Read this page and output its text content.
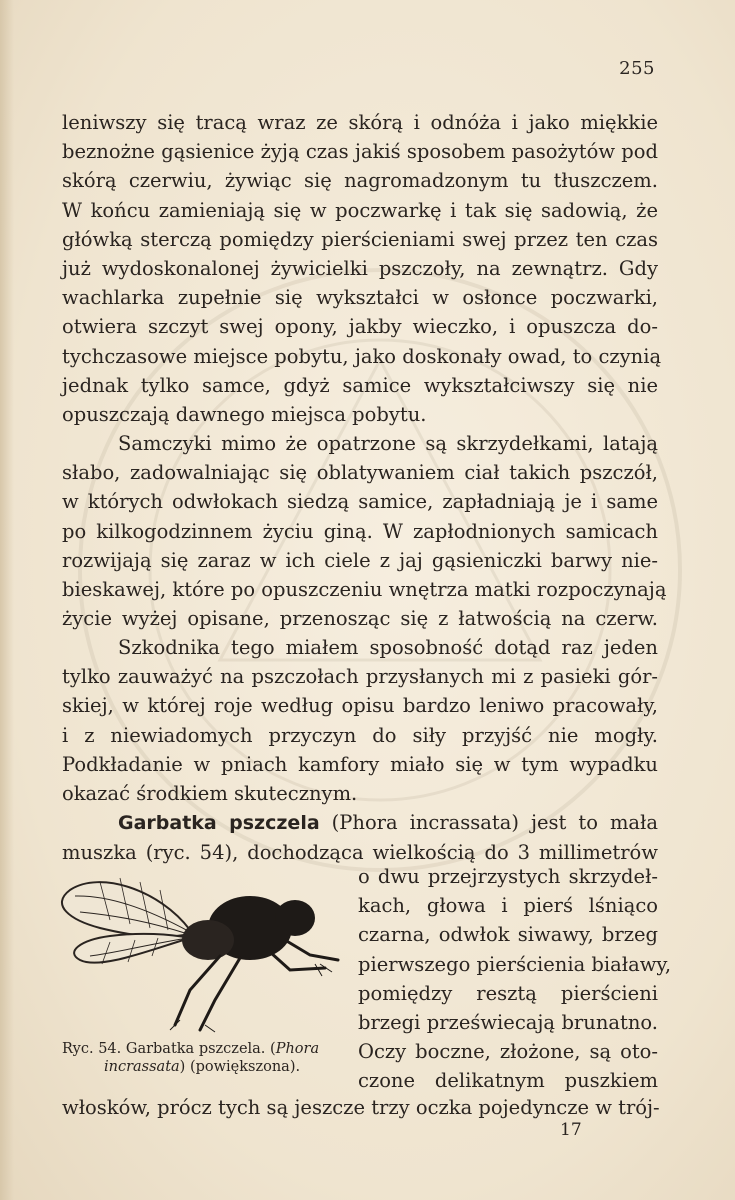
255
leniwszy się tracą wraz ze skórą i odnóża i jako miękkie
beznożne gąsienice żyją czas jakiś sposobem pasożytów pod
skórą czerwiu, żywiąc się nagromadzonym tu tłuszczem.
W końcu zamieniają się w poczwarkę i tak się sadowią, że
główką sterczą pomiędzy pierścieniami swej przez ten czas
już wydoskonalonej żywicielki pszczoły, na zewnątrz. Gdy
wachlarka zupełnie się wykształci w osłonce poczwarki,
otwiera szczyt swej opony, jakby wieczko, i opuszcza do-
tychczasowe miejsce pobytu, jako doskonały owad, to czynią
jednak tylko samce, gdyż samice wykształciwszy się nie
opuszczają dawnego miejsca pobytu.
Samczyki mimo że opatrzone są skrzydełkami, latają
słabo, zadowalniając się oblatywaniem ciał takich pszczół,
w których odwłokach siedzą samice, zapładniają je i same
po kilkogodzinnem życiu giną. W zapłodnionych samicach
rozwijają się zaraz w ich ciele z jaj gąsieniczki barwy nie-
bieskawej, które po opuszczeniu wnętrza matki rozpoczynają
życie wyżej opisane, przenosząc się z łatwością na czerw.
Szkodnika tego miałem sposobność dotąd raz jeden
tylko zauważyć na pszczołach przysłanych mi z pasieki gór-
skiej, w której roje według opisu bardzo leniwo pracowały,
i z niewiadomych przyczyn do siły przyjść nie mogły.
Podkładanie w pniach kamfory miało się w tym wypadku
okazać środkiem skutecznym.
Garbatka pszczela (Phora incrassata) jest to mała
muszka (ryc. 54), dochodząca wielkością do 3 millimetrów
o dwu przejrzystych skrzydeł-
kach, głowa i pierś lśniąco
czarna, odwłok siwawy, brzeg
pierwszego pierścienia białawy,
pomiędzy resztą pierścieni
brzegi przeświecają brunatno.
Oczy boczne, złożone, są oto-
czone delikatnym puszkiem
Ryc. 54. Garbatka pszczela. (Phora
incrassata) (powiększona).
włosków, prócz tych są jeszcze trzy oczka pojedyncze w trój-
17
